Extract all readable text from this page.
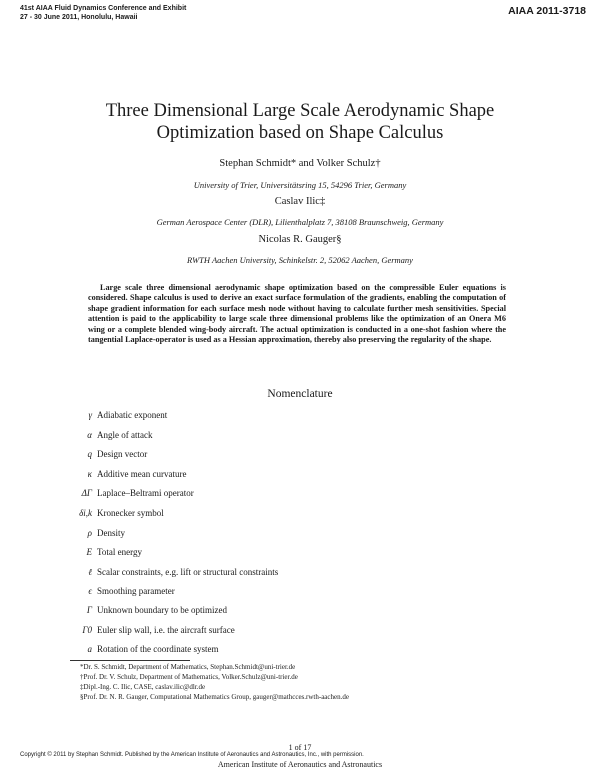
41st AIAA Fluid Dynamics Conference and Exhibit
27 - 30 June 2011, Honolulu, Hawaii	AIAA 2011-3718
Three Dimensional Large Scale Aerodynamic Shape
Optimization based on Shape Calculus
Stephan Schmidt* and Volker Schulz†
University of Trier, Universitätsring 15, 54296 Trier, Germany
Caslav Ilic‡
German Aerospace Center (DLR), Lilienthalplatz 7, 38108 Braunschweig, Germany
Nicolas R. Gauger§
RWTH Aachen University, Schinkelstr. 2, 52062 Aachen, Germany
Large scale three dimensional aerodynamic shape optimization based on the compressible Euler equations is considered. Shape calculus is used to derive an exact surface formulation of the gradients, enabling the computation of shape gradient information for each surface mesh node without having to calculate further mesh sensitivities. Special attention is paid to the applicability to large scale three dimensional problems like the optimization of an Onera M6 wing or a complete blended wing-body aircraft. The actual optimization is conducted in a one-shot fashion where the tangential Laplace-operator is used as a Hessian approximation, thereby also preserving the regularity of the shape.
Nomenclature
γ Adiabatic exponent
α Angle of attack
q Design vector
κ Additive mean curvature
ΔΓ Laplace–Beltrami operator
δi,k Kronecker symbol
ρ Density
E Total energy
ℓ Scalar constraints, e.g. lift or structural constraints
ϵ Smoothing parameter
Γ Unknown boundary to be optimized
Γ0 Euler slip wall, i.e. the aircraft surface
a Rotation of the coordinate system
*Dr. S. Schmidt, Department of Mathematics, Stephan.Schmidt@uni-trier.de
†Prof. Dr. V. Schulz, Department of Mathematics, Volker.Schulz@uni-trier.de
‡Dipl.-Ing. C. Ilic, CASE, caslav.ilic@dlr.de
§Prof. Dr. N. R. Gauger, Computational Mathematics Group, gauger@mathcces.rwth-aachen.de
1 of 17
Copyright © 2011 by Stephan Schmidt. Published by the American Institute of Aeronautics and Astronautics, Inc., with permission.
American Institute of Aeronautics and Astronautics
